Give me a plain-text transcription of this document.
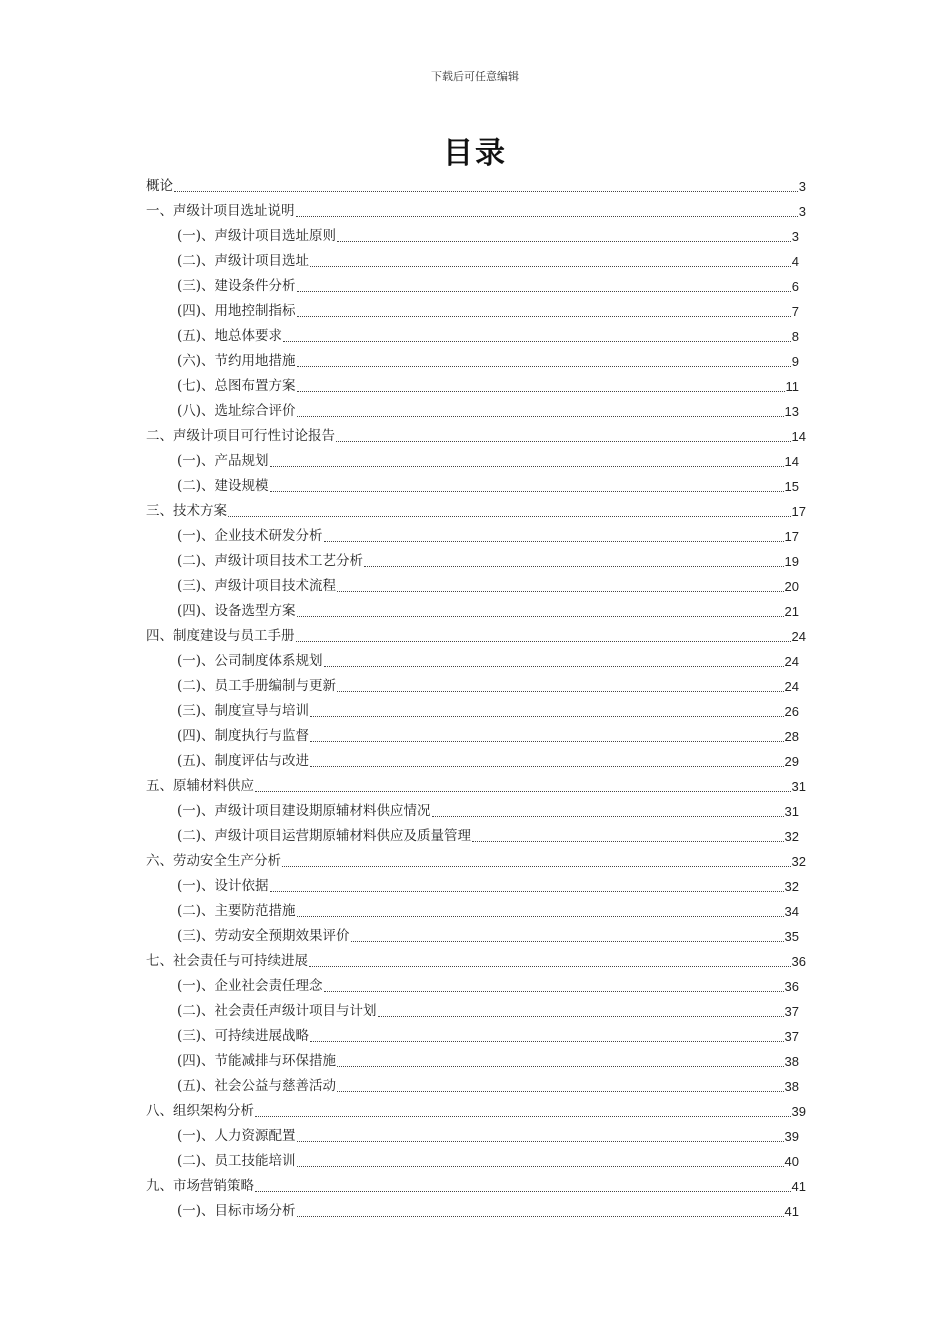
下载后可任意编辑
目录
概论	3
一、声级计项目选址说明	3
(一)、声级计项目选址原则	3
(二)、声级计项目选址	4
(三)、建设条件分析	6
(四)、用地控制指标	7
(五)、地总体要求	8
(六)、节约用地措施	9
(七)、总图布置方案	11
(八)、选址综合评价	13
二、声级计项目可行性讨论报告	14
(一)、产品规划	14
(二)、建设规模	15
三、技术方案	17
(一)、企业技术研发分析	17
(二)、声级计项目技术工艺分析	19
(三)、声级计项目技术流程	20
(四)、设备选型方案	21
四、制度建设与员工手册	24
(一)、公司制度体系规划	24
(二)、员工手册编制与更新	24
(三)、制度宣导与培训	26
(四)、制度执行与监督	28
(五)、制度评估与改进	29
五、原辅材料供应	31
(一)、声级计项目建设期原辅材料供应情况	31
(二)、声级计项目运营期原辅材料供应及质量管理	32
六、劳动安全生产分析	32
(一)、设计依据	32
(二)、主要防范措施	34
(三)、劳动安全预期效果评价	35
七、社会责任与可持续进展	36
(一)、企业社会责任理念	36
(二)、社会责任声级计项目与计划	37
(三)、可持续进展战略	37
(四)、节能减排与环保措施	38
(五)、社会公益与慈善活动	38
八、组织架构分析	39
(一)、人力资源配置	39
(二)、员工技能培训	40
九、市场营销策略	41
(一)、目标市场分析	41
